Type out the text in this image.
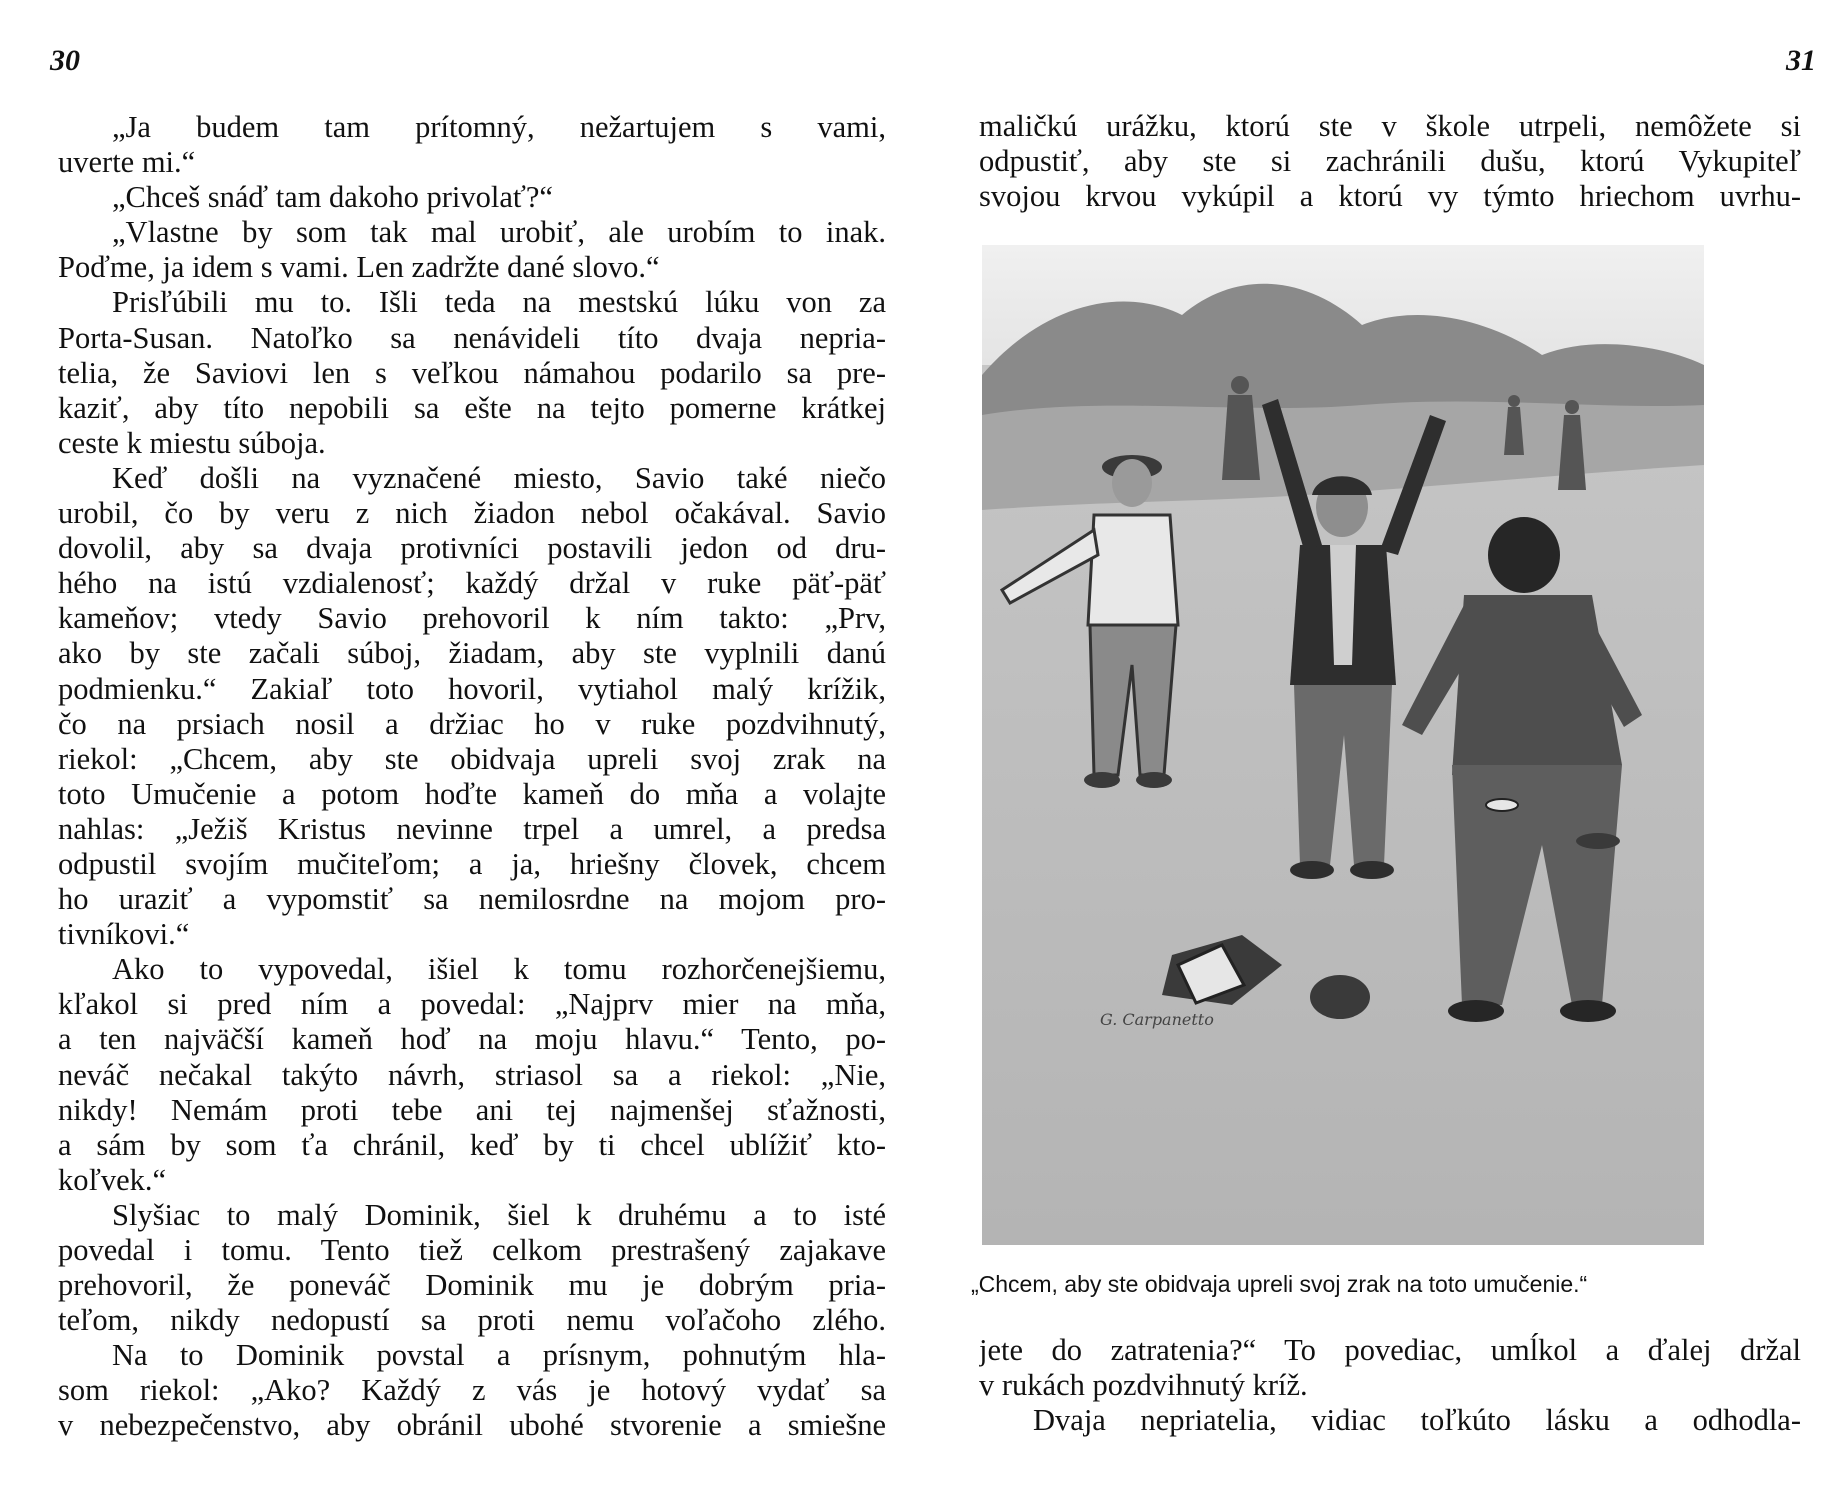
30
„Ja budem tam prítomný, nežartujem s vami,
uverte mi.“
„Chceš snáď tam dakoho privolať?“
„Vlastne by som tak mal urobiť, ale urobím to inak.
Poďme, ja idem s vami. Len zadržte dané slovo.“
Prisľúbili mu to. Išli teda na mestskú lúku von za
Porta-Susan. Natoľko sa nenávideli títo dvaja nepria-
telia, že Saviovi len s veľkou námahou podarilo sa pre-
kaziť, aby títo nepobili sa ešte na tejto pomerne krátkej
ceste k miestu súboja.
Keď došli na vyznačené miesto, Savio také niečo
urobil, čo by veru z nich žiadon nebol očakával. Savio
dovolil, aby sa dvaja protivníci postavili jedon od dru-
hého na istú vzdialenosť; každý držal v ruke päť-päť
kameňov; vtedy Savio prehovoril k ním takto: „Prv,
ako by ste začali súboj, žiadam, aby ste vyplnili danú
podmienku.“ Zakiaľ toto hovoril, vytiahol malý krížik,
čo na prsiach nosil a držiac ho v ruke pozdvihnutý,
riekol: „Chcem, aby ste obidvaja upreli svoj zrak na
toto Umučenie a potom hoďte kameň do mňa a volajte
nahlas: „Ježiš Kristus nevinne trpel a umrel, a predsa
odpustil svojím mučiteľom; a ja, hriešny človek, chcem
ho uraziť a vypomstiť sa nemilosrdne na mojom pro-
tivníkovi.“
Ako to vypovedal, išiel k tomu rozhorčenejšiemu,
kľakol si pred ním a povedal: „Najprv mier na mňa,
a ten najväčší kameň hoď na moju hlavu.“ Tento, po-
neváč nečakal takýto návrh, striasol sa a riekol: „Nie,
nikdy! Nemám proti tebe ani tej najmenšej sťažnosti,
a sám by som ťa chránil, keď by ti chcel ublížiť kto-
koľvek.“
Slyšiac to malý Dominik, šiel k druhému a to isté
povedal i tomu. Tento tiež celkom prestrašený zajakave
prehovoril, že poneváč Dominik mu je dobrým pria-
teľom, nikdy nedopustí sa proti nemu voľačoho zlého.
Na to Dominik povstal a prísnym, pohnutým hla-
som riekol: „Ako? Každý z vás je hotový vydať sa
v nebezpečenstvo, aby obránil ubohé stvorenie a smiešne
31
maličkú urážku, ktorú ste v škole utrpeli, nemôžete si
odpustiť, aby ste si zachránili dušu, ktorú Vykupiteľ
svojou krvou vykúpil a ktorú vy týmto hriechom uvrhu-
G. Carpanetto
„Chcem, aby ste obidvaja upreli svoj zrak na toto umučenie.“
jete do zatratenia?“ To povediac, umĺkol a ďalej držal
v rukách pozdvihnutý kríž.
Dvaja nepriatelia, vidiac toľkúto lásku a odhodla-
